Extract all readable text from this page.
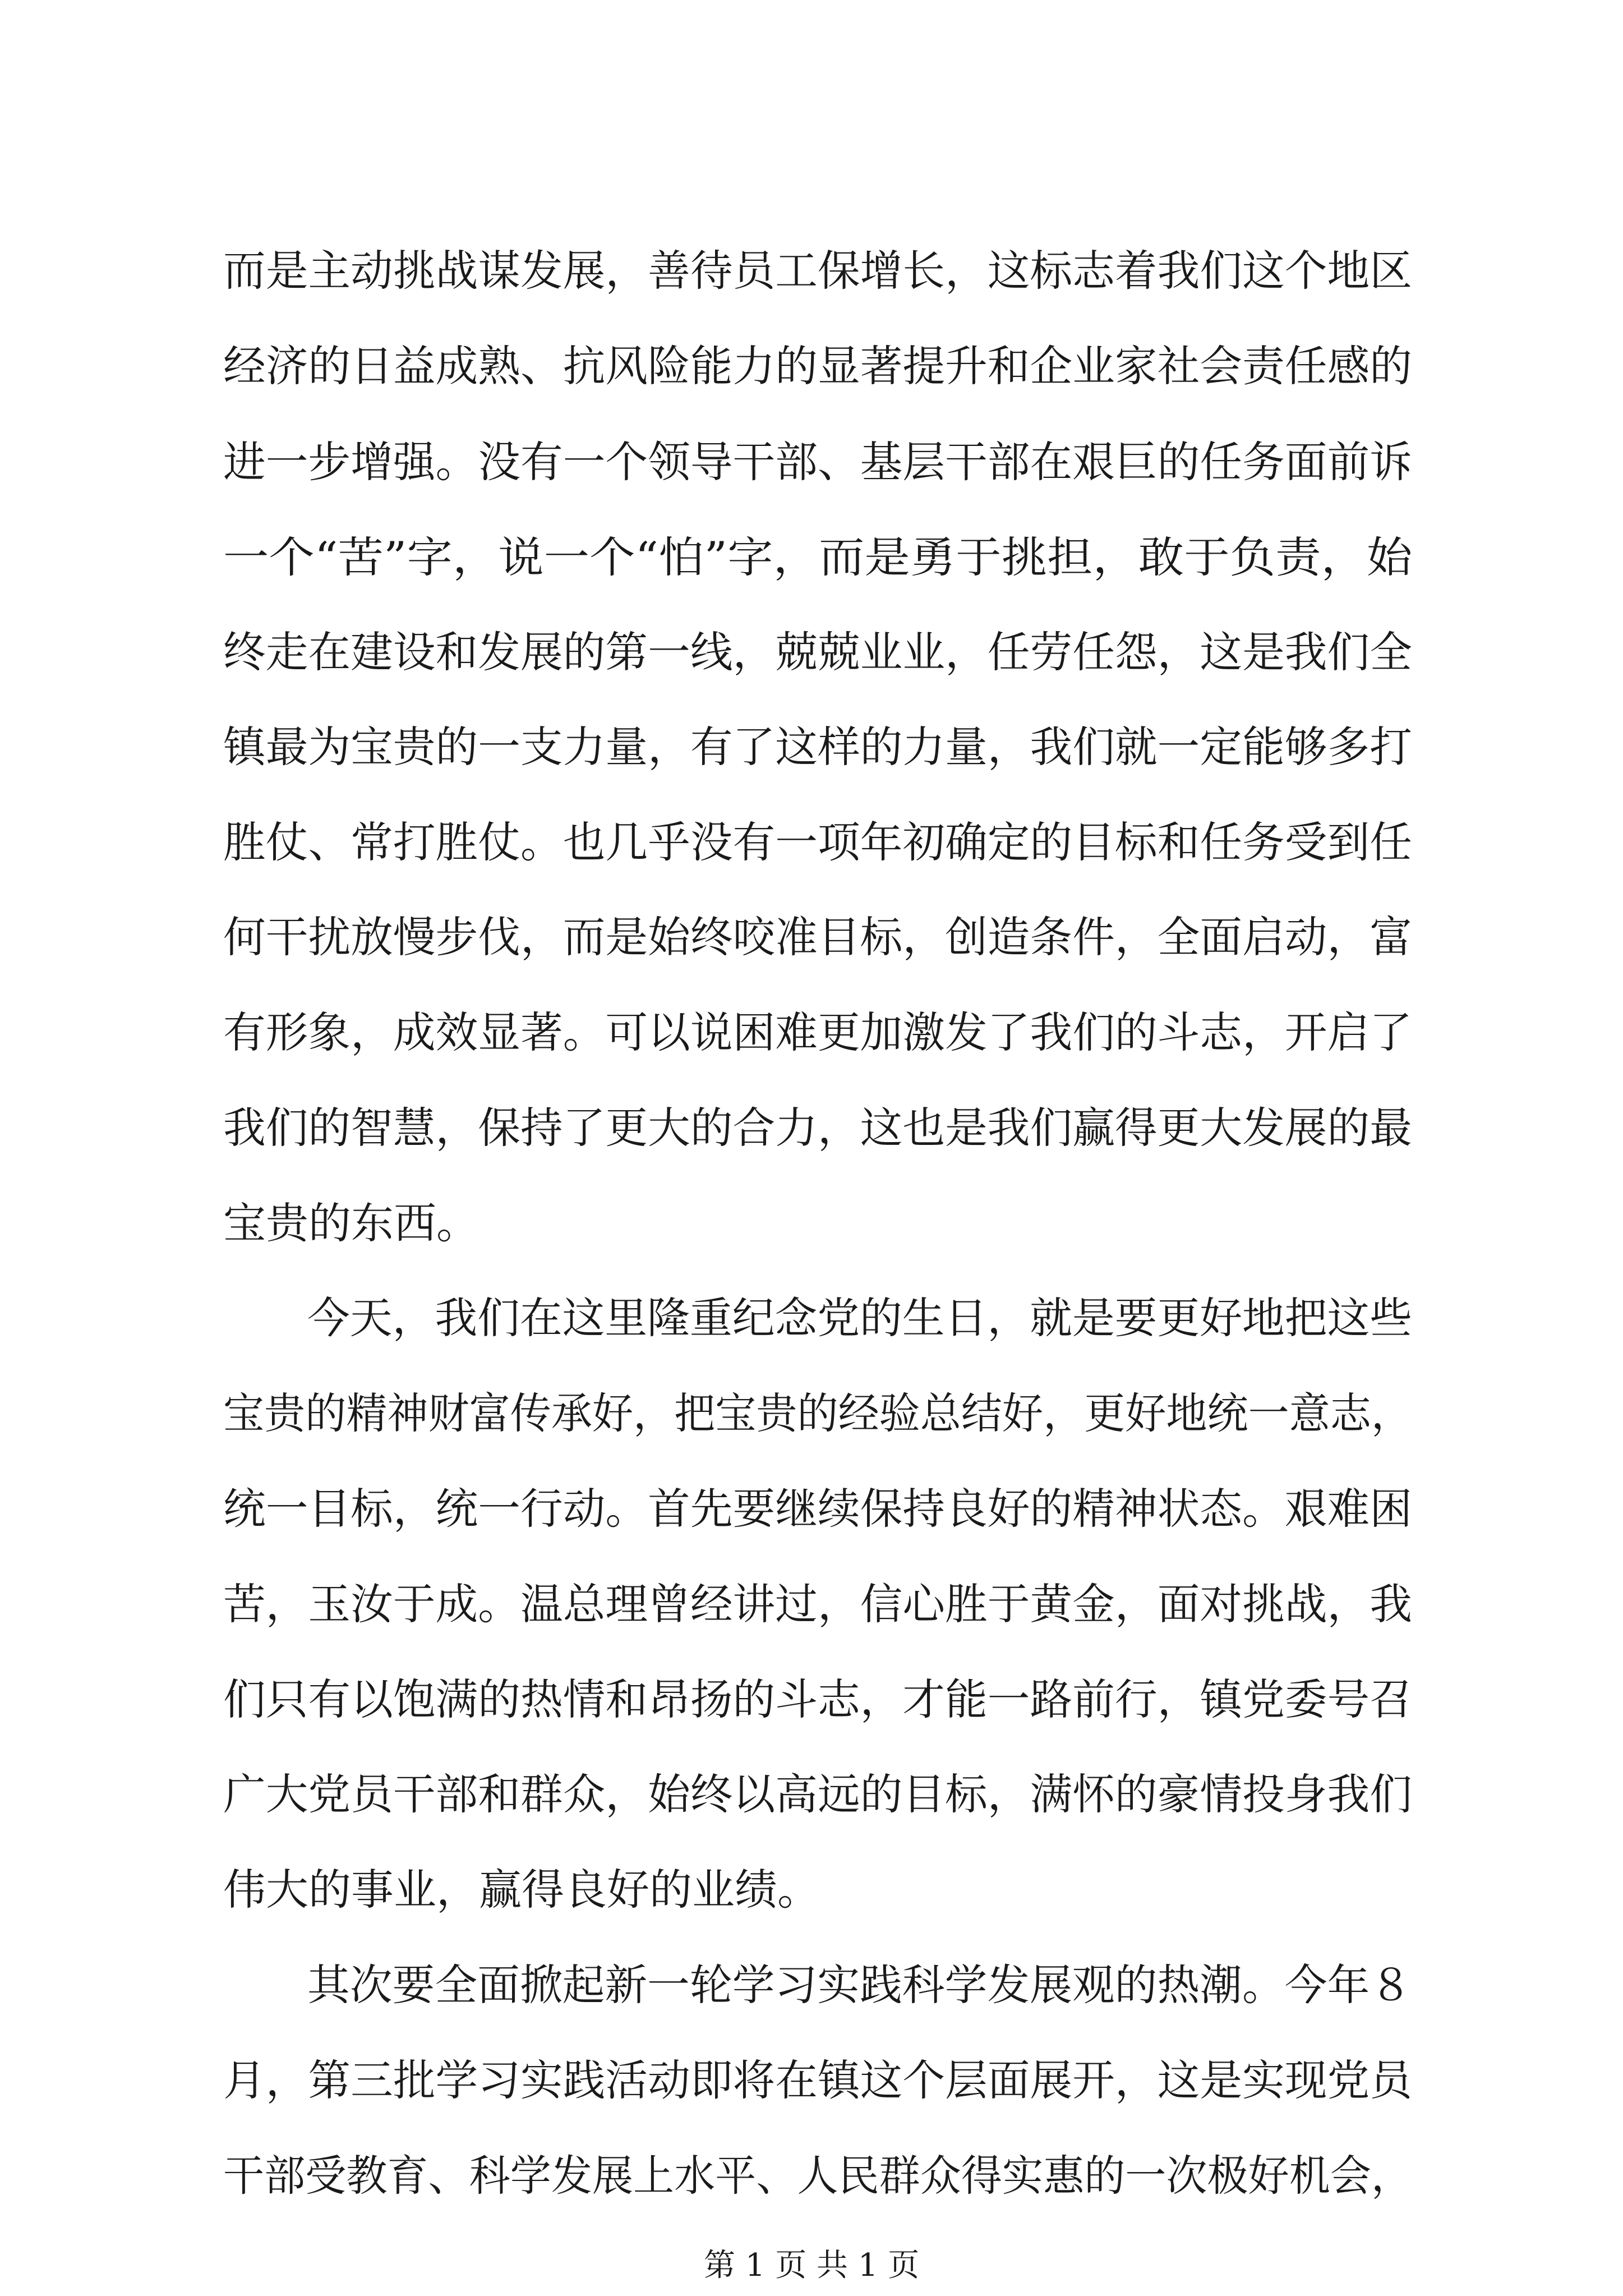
而是主动挑战谋发展，善待员工保增长，这标志着我们这个地区

经济的日益成熟、抗风险能力的显著提升和企业家社会责任感的

进一步增强。没有一个领导干部、基层干部在艰巨的任务面前诉

一个“苦”字，说一个“怕”字，而是勇于挑担，敢于负责，始

终走在建设和发展的第一线，兢兢业业，任劳任怨，这是我们全

镇最为宝贵的一支力量，有了这样的力量，我们就一定能够多打

胜仗、常打胜仗。也几乎没有一项年初确定的目标和任务受到任

何干扰放慢步伐，而是始终咬准目标，创造条件，全面启动，富

有形象，成效显著。可以说困难更加激发了我们的斗志，开启了

我们的智慧，保持了更大的合力，这也是我们赢得更大发展的最

宝贵的东西。

今天，我们在这里隆重纪念党的生日，就是要更好地把这些

宝贵的精神财富传承好，把宝贵的经验总结好，更好地统一意志，

统一目标，统一行动。首先要继续保持良好的精神状态。艰难困

苦，玉汝于成。温总理曾经讲过，信心胜于黄金，面对挑战，我

们只有以饱满的热情和昂扬的斗志，才能一路前行，镇党委号召

广大党员干部和群众，始终以高远的目标，满怀的豪情投身我们

伟大的事业，赢得良好的业绩。

其次要全面掀起新一轮学习实践科学发展观的热潮。今年８

月，第三批学习实践活动即将在镇这个层面展开，这是实现党员

干部受教育、科学发展上水平、人民群众得实惠的一次极好机会，

第 1 页 共 1 页
